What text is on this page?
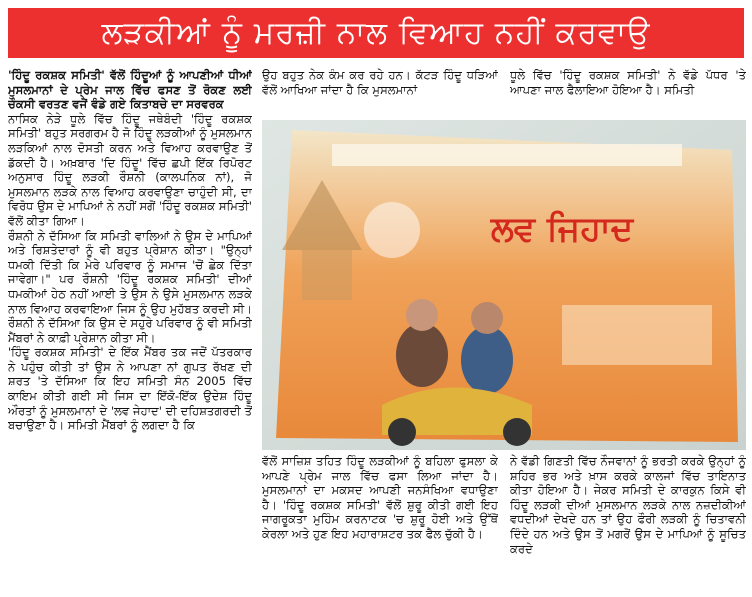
ਲੜਕੀਆਂ ਨੂੰ ਮਰਜ਼ੀ ਨਾਲ ਵਿਆਹ ਨਹੀਂ ਕਰਵਾਉ

'ਹਿੰਦੂ ਰਕਸ਼ਕ ਸਮਿਤੀ' ਵੱਲੋਂ ਹਿੰਦੂਆਂ ਨੂੰ ਆਪਣੀਆਂ ਧੀਆਂ ਮੁਸਲਮਾਨਾਂ ਦੇ ਪ੍ਰੇਮ ਜਾਲ ਵਿੱਚ ਫਸਣ ਤੋਂ ਰੋਕਣ ਲਈ ਚੌਕਸੀ ਵਰਤਣ ਵਜੋਂ ਵੰਡੇ ਗਏ ਕਿਤਾਬਚੇ ਦਾ ਸਰਵਰਕ

ਨਾਸਿਕ ਨੇੜੇ ਧੂਲੇ ਵਿੱਚ ਹਿੰਦੂ ਜਥੇਬੰਦੀ 'ਹਿੰਦੂ ਰਕਸ਼ਕ ਸਮਿਤੀ' ਬਹੁਤ ਸਰਗਰਮ ਹੈ ਜੋ ਹਿੰਦੂ ਲੜਕੀਆਂ ਨੂੰ ਮੁਸਲਮਾਨ ਲੜਕਿਆਂ ਨਾਲ ਦੋਸਤੀ ਕਰਨ ਅਤੇ ਵਿਆਹ ਕਰਵਾਉਣ ਤੋਂ ਡੱਕਦੀ ਹੈ। ਅਖ਼ਬਾਰ 'ਦਿ ਹਿੰਦੂ' ਵਿੱਚ ਛਪੀ ਇੱਕ ਰਿਪੋਰਟ ਅਨੁਸਾਰ ਹਿੰਦੂ ਲੜਕੀ ਰੌਸ਼ਨੀ (ਕਾਲਪਨਿਕ ਨਾਂ), ਜੋ ਮੁਸਲਮਾਨ ਲੜਕੇ ਨਾਲ ਵਿਆਹ ਕਰਵਾਉਣਾ ਚਾਹੁੰਦੀ ਸੀ, ਦਾ ਵਿਰੋਧ ਉਸ ਦੇ ਮਾਪਿਆਂ ਨੇ ਨਹੀਂ ਸਗੋਂ 'ਹਿੰਦੂ ਰਕਸ਼ਕ ਸਮਿਤੀ' ਵੱਲੋਂ ਕੀਤਾ ਗਿਆ।

ਰੌਸ਼ਨੀ ਨੇ ਦੱਸਿਆ ਕਿ ਸਮਿਤੀ ਵਾਲਿਆਂ ਨੇ ਉਸ ਦੇ ਮਾਪਿਆਂ ਅਤੇ ਰਿਸ਼ਤੇਦਾਰਾਂ ਨੂੰ ਵੀ ਬਹੁਤ ਪ੍ਰੇਸ਼ਾਨ ਕੀਤਾ। "ਉਨ੍ਹਾਂ ਧਮਕੀ ਦਿੱਤੀ ਕਿ ਮੇਰੇ ਪਰਿਵਾਰ ਨੂੰ ਸਮਾਜ 'ਚੋਂ ਛੇਕ ਦਿੱਤਾ ਜਾਵੇਗਾ।" ਪਰ ਰੌਸ਼ਨੀ 'ਹਿੰਦੂ ਰਕਸ਼ਕ ਸਮਿਤੀ' ਦੀਆਂ ਧਮਕੀਆਂ ਹੇਠ ਨਹੀਂ ਆਈ ਤੇ ਉਸ ਨੇ ਉਸੇ ਮੁਸਲਮਾਨ ਲੜਕੇ ਨਾਲ ਵਿਆਹ ਕਰਵਾਇਆ ਜਿਸ ਨੂੰ ਉਹ ਮੁਹੱਬਤ ਕਰਦੀ ਸੀ। ਰੌਸ਼ਨੀ ਨੇ ਦੱਸਿਆ ਕਿ ਉਸ ਦੇ ਸਹੁਰੇ ਪਰਿਵਾਰ ਨੂੰ ਵੀ ਸਮਿਤੀ ਮੈਂਬਰਾਂ ਨੇ ਕਾਫ਼ੀ ਪ੍ਰੇਸ਼ਾਨ ਕੀਤਾ ਸੀ।

'ਹਿੰਦੂ ਰਕਸ਼ਕ ਸਮਿਤੀ' ਦੇ ਇੱਕ ਮੈਂਬਰ ਤਕ ਜਦੋਂ ਪੱਤਰਕਾਰ ਨੇ ਪਹੁੰਚ ਕੀਤੀ ਤਾਂ ਉਸ ਨੇ ਆਪਣਾ ਨਾਂ ਗੁਪਤ ਰੱਖਣ ਦੀ ਸ਼ਰਤ 'ਤੇ ਦੱਸਿਆ ਕਿ ਇਹ ਸਮਿਤੀ ਸੰਨ 2005 ਵਿੱਚ ਕਾਇਮ ਕੀਤੀ ਗਈ ਸੀ ਜਿਸ ਦਾ ਇੱਕੋ-ਇੱਕ ਉਦੇਸ਼ ਹਿੰਦੂ ਔਰਤਾਂ ਨੂੰ ਮੁਸਲਮਾਨਾਂ ਦੇ 'ਲਵ ਜੇਹਾਦ' ਦੀ ਦਹਿਸ਼ਤਗਰਦੀ ਤੋਂ ਬਚਾਉਣਾ ਹੈ। ਸਮਿਤੀ ਮੈਂਬਰਾਂ ਨੂੰ ਲਗਦਾ ਹੈ ਕਿ

ਉਹ ਬਹੁਤ ਨੇਕ ਕੰਮ ਕਰ ਰਹੇ ਹਨ। ਕੱਟੜ ਹਿੰਦੂ ਧੜਿਆਂ ਵੱਲੋਂ ਆਖਿਆ ਜਾਂਦਾ ਹੈ ਕਿ ਮੁਸਲਮਾਨਾਂ

ਧੂਲੇ ਵਿੱਚ 'ਹਿੰਦੂ ਰਕਸ਼ਕ ਸਮਿਤੀ' ਨੇ ਵੱਡੇ ਪੱਧਰ 'ਤੇ ਆਪਣਾ ਜਾਲ ਫੈਲਾਇਆ ਹੋਇਆ ਹੈ। ਸਮਿਤੀ

ਲਵ ਜਿਹਾਦ

ਵੱਲੋਂ ਸਾਜ਼ਿਸ਼ ਤਹਿਤ ਹਿੰਦੂ ਲੜਕੀਆਂ ਨੂੰ ਬਹਿਲਾ ਫੁਸਲਾ ਕੇ ਆਪਣੇ ਪ੍ਰੇਮ ਜਾਲ ਵਿੱਚ ਫਸਾ ਲਿਆ ਜਾਂਦਾ ਹੈ। ਮੁਸਲਮਾਨਾਂ ਦਾ ਮਕਸਦ ਆਪਣੀ ਜਨਸੰਖਿਆ ਵਧਾਉਣਾ ਹੈ। 'ਹਿੰਦੂ ਰਕਸ਼ਕ ਸਮਿਤੀ' ਵੱਲੋਂ ਸ਼ੁਰੂ ਕੀਤੀ ਗਈ ਇਹ ਜਾਗਰੂਕਤਾ ਮੁਹਿੰਮ ਕਰਨਾਟਕ 'ਚ ਸ਼ੁਰੂ ਹੋਈ ਅਤੇ ਉੱਥੋਂ ਕੇਰਲਾ ਅਤੇ ਹੁਣ ਇਹ ਮਹਾਰਾਸ਼ਟਰ ਤਕ ਫੈਲ ਚੁੱਕੀ ਹੈ।

ਨੇ ਵੱਡੀ ਗਿਣਤੀ ਵਿੱਚ ਨੌਜਵਾਨਾਂ ਨੂੰ ਭਰਤੀ ਕਰਕੇ ਉਨ੍ਹਾਂ ਨੂੰ ਸ਼ਹਿਰ ਭਰ ਅਤੇ ਖ਼ਾਸ ਕਰਕੇ ਕਾਲਜਾਂ ਵਿੱਚ ਤਾਇਨਾਤ ਕੀਤਾ ਹੋਇਆ ਹੈ। ਜੇਕਰ ਸਮਿਤੀ ਦੇ ਕਾਰਕੁਨ ਕਿਸੇ ਵੀ ਹਿੰਦੂ ਲੜਕੀ ਦੀਆਂ ਮੁਸਲਮਾਨ ਲੜਕੇ ਨਾਲ ਨਜ਼ਦੀਕੀਆਂ ਵਧਦੀਆਂ ਦੇਖਦੇ ਹਨ ਤਾਂ ਉਹ ਫੌਰੀ ਲੜਕੀ ਨੂੰ ਚਿਤਾਵਨੀ ਦਿੰਦੇ ਹਨ ਅਤੇ ਉਸ ਤੋਂ ਮਗਰੋਂ ਉਸ ਦੇ ਮਾਪਿਆਂ ਨੂੰ ਸੂਚਿਤ ਕਰਦੇ
